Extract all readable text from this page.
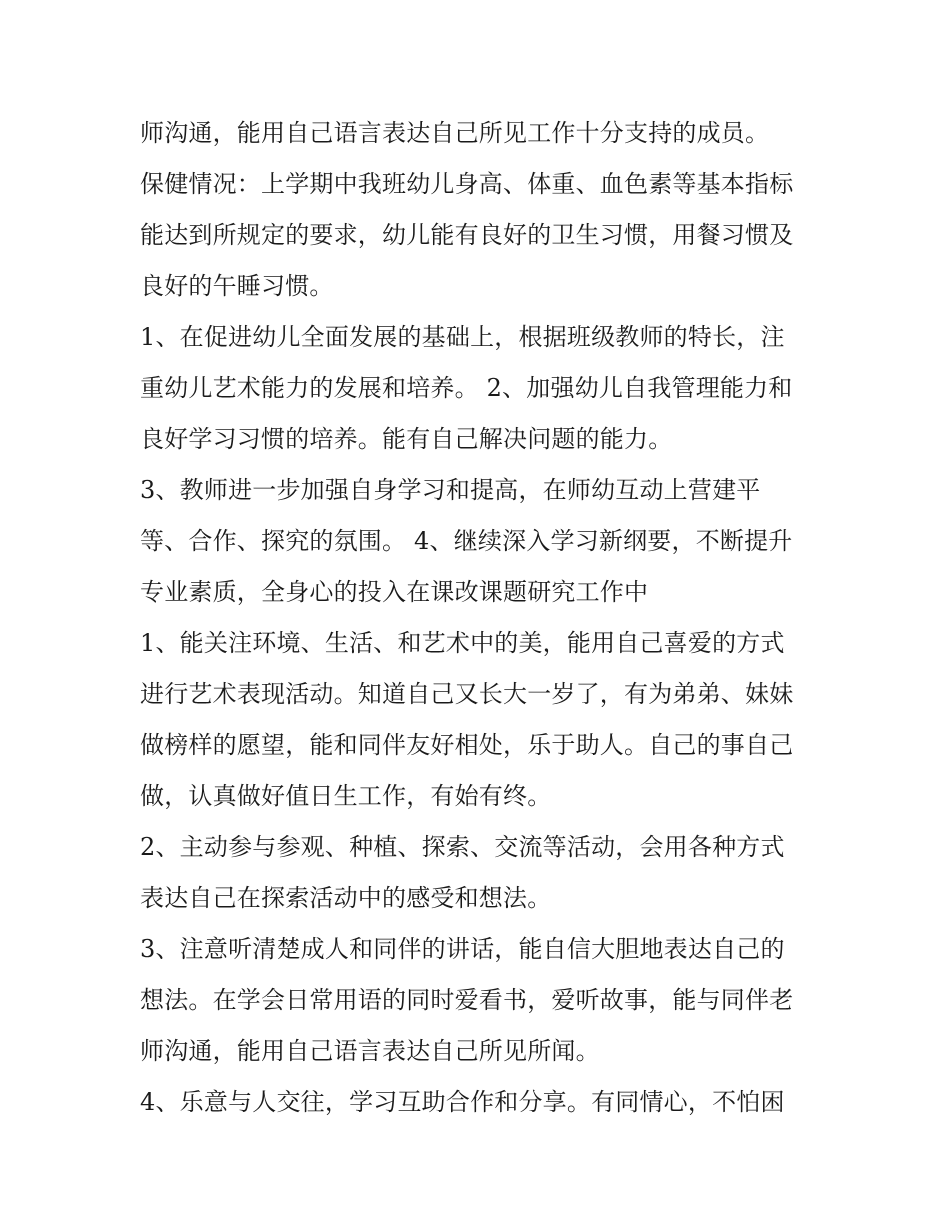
师沟通，能用自己语言表达自己所见工作十分支持的成员。
保健情况：上学期中我班幼儿身高、体重、血色素等基本指标
能达到所规定的要求，幼儿能有良好的卫生习惯，用餐习惯及
良好的午睡习惯。
1、在促进幼儿全面发展的基础上，根据班级教师的特长，注
重幼儿艺术能力的发展和培养。 2、加强幼儿自我管理能力和
良好学习习惯的培养。能有自己解决问题的能力。
3、教师进一步加强自身学习和提高，在师幼互动上营建平
等、合作、探究的氛围。 4、继续深入学习新纲要，不断提升
专业素质，全身心的投入在课改课题研究工作中
1、能关注环境、生活、和艺术中的美，能用自己喜爱的方式
进行艺术表现活动。知道自己又长大一岁了，有为弟弟、妹妹
做榜样的愿望，能和同伴友好相处，乐于助人。自己的事自己
做，认真做好值日生工作，有始有终。
2、主动参与参观、种植、探索、交流等活动，会用各种方式
表达自己在探索活动中的感受和想法。
3、注意听清楚成人和同伴的讲话，能自信大胆地表达自己的
想法。在学会日常用语的同时爱看书，爱听故事，能与同伴老
师沟通，能用自己语言表达自己所见所闻。
4、乐意与人交往，学习互助合作和分享。有同情心，不怕困
